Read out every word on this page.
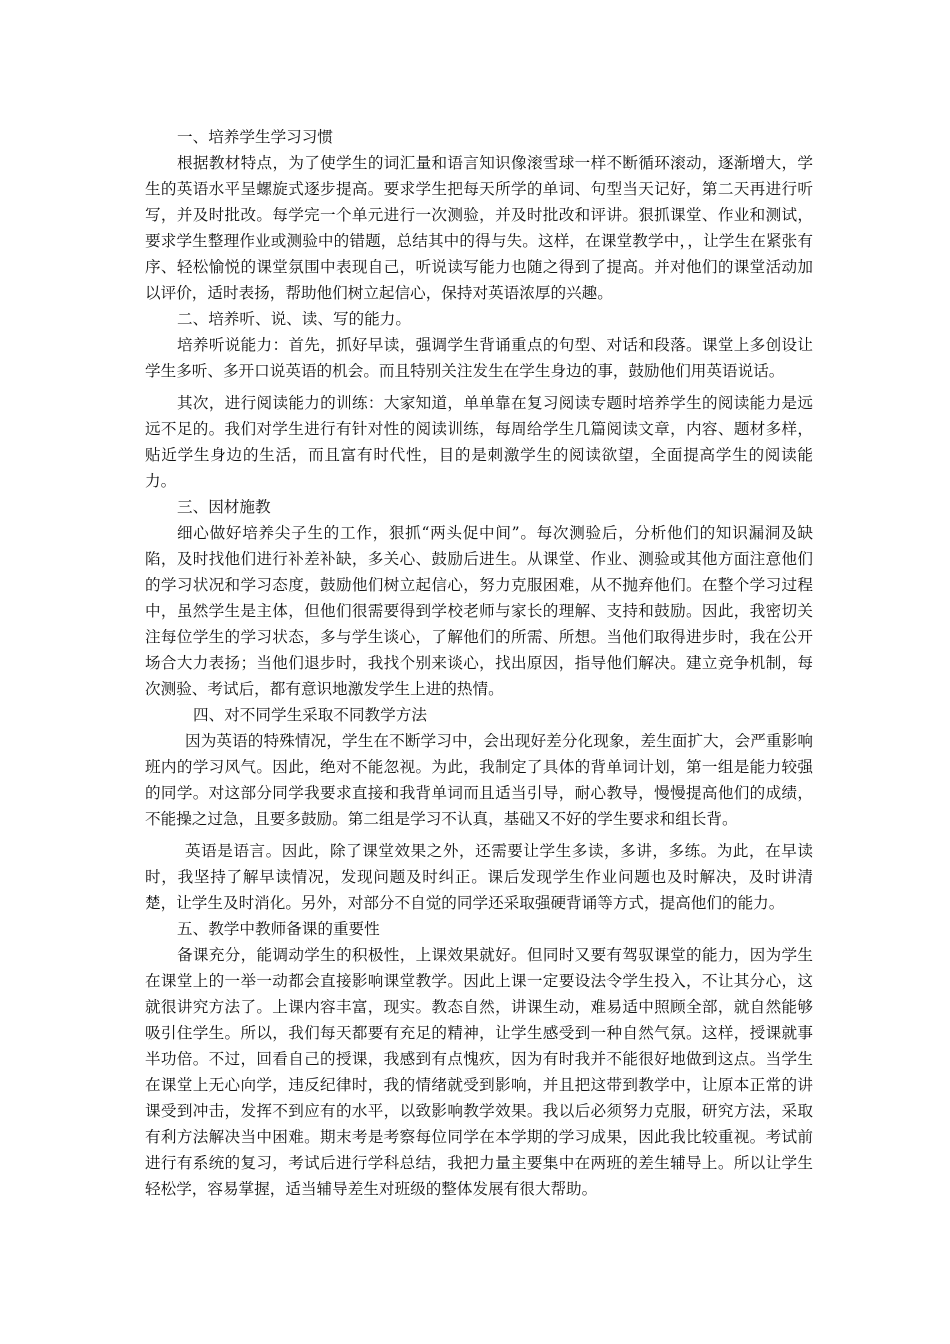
一、培养学生学习习惯

根据教材特点，为了使学生的词汇量和语言知识像滚雪球一样不断循环滚动，逐渐增大，学生的英语水平呈螺旋式逐步提高。要求学生把每天所学的单词、句型当天记好，第二天再进行听写，并及时批改。每学完一个单元进行一次测验，并及时批改和评讲。狠抓课堂、作业和测试，要求学生整理作业或测验中的错题，总结其中的得与失。这样，在课堂教学中，，让学生在紧张有序、轻松愉悦的课堂氛围中表现自己，听说读写能力也随之得到了提高。并对他们的课堂活动加以评价，适时表扬，帮助他们树立起信心，保持对英语浓厚的兴趣。

二、培养听、说、读、写的能力。

培养听说能力：首先，抓好早读，强调学生背诵重点的句型、对话和段落。课堂上多创设让学生多听、多开口说英语的机会。而且特别关注发生在学生身边的事，鼓励他们用英语说话。

其次，进行阅读能力的训练：大家知道，单单靠在复习阅读专题时培养学生的阅读能力是远远不足的。我们对学生进行有针对性的阅读训练，每周给学生几篇阅读文章，内容、题材多样，贴近学生身边的生活，而且富有时代性，目的是刺激学生的阅读欲望，全面提高学生的阅读能力。

三、因材施教

细心做好培养尖子生的工作，狠抓“两头促中间”。每次测验后，分析他们的知识漏洞及缺陷，及时找他们进行补差补缺，多关心、鼓励后进生。从课堂、作业、测验或其他方面注意他们的学习状况和学习态度，鼓励他们树立起信心，努力克服困难，从不抛弃他们。在整个学习过程中，虽然学生是主体，但他们很需要得到学校老师与家长的理解、支持和鼓励。因此，我密切关注每位学生的学习状态，多与学生谈心，了解他们的所需、所想。当他们取得进步时，我在公开场合大力表扬；当他们退步时，我找个别来谈心，找出原因，指导他们解决。建立竞争机制，每次测验、考试后，都有意识地激发学生上进的热情。

四、对不同学生采取不同教学方法

因为英语的特殊情况，学生在不断学习中，会出现好差分化现象，差生面扩大，会严重影响班内的学习风气。因此，绝对不能忽视。为此，我制定了具体的背单词计划，第一组是能力较强的同学。对这部分同学我要求直接和我背单词而且适当引导，耐心教导，慢慢提高他们的成绩，不能操之过急，且要多鼓励。第二组是学习不认真，基础又不好的学生要求和组长背。

英语是语言。因此，除了课堂效果之外，还需要让学生多读，多讲，多练。为此，在早读时，我坚持了解早读情况，发现问题及时纠正。课后发现学生作业问题也及时解决，及时讲清楚，让学生及时消化。另外，对部分不自觉的同学还采取强硬背诵等方式，提高他们的能力。

五、教学中教师备课的重要性

备课充分，能调动学生的积极性，上课效果就好。但同时又要有驾驭课堂的能力，因为学生在课堂上的一举一动都会直接影响课堂教学。因此上课一定要设法令学生投入，不让其分心，这就很讲究方法了。上课内容丰富，现实。教态自然，讲课生动，难易适中照顾全部，就自然能够吸引住学生。所以，我们每天都要有充足的精神，让学生感受到一种自然气氛。这样，授课就事半功倍。不过，回看自己的授课，我感到有点愧疚，因为有时我并不能很好地做到这点。当学生在课堂上无心向学，违反纪律时，我的情绪就受到影响，并且把这带到教学中，让原本正常的讲课受到冲击，发挥不到应有的水平，以致影响教学效果。我以后必须努力克服，研究方法，采取有利方法解决当中困难。期末考是考察每位同学在本学期的学习成果，因此我比较重视。考试前进行有系统的复习，考试后进行学科总结，我把力量主要集中在两班的差生辅导上。所以让学生轻松学，容易掌握，适当辅导差生对班级的整体发展有很大帮助。
